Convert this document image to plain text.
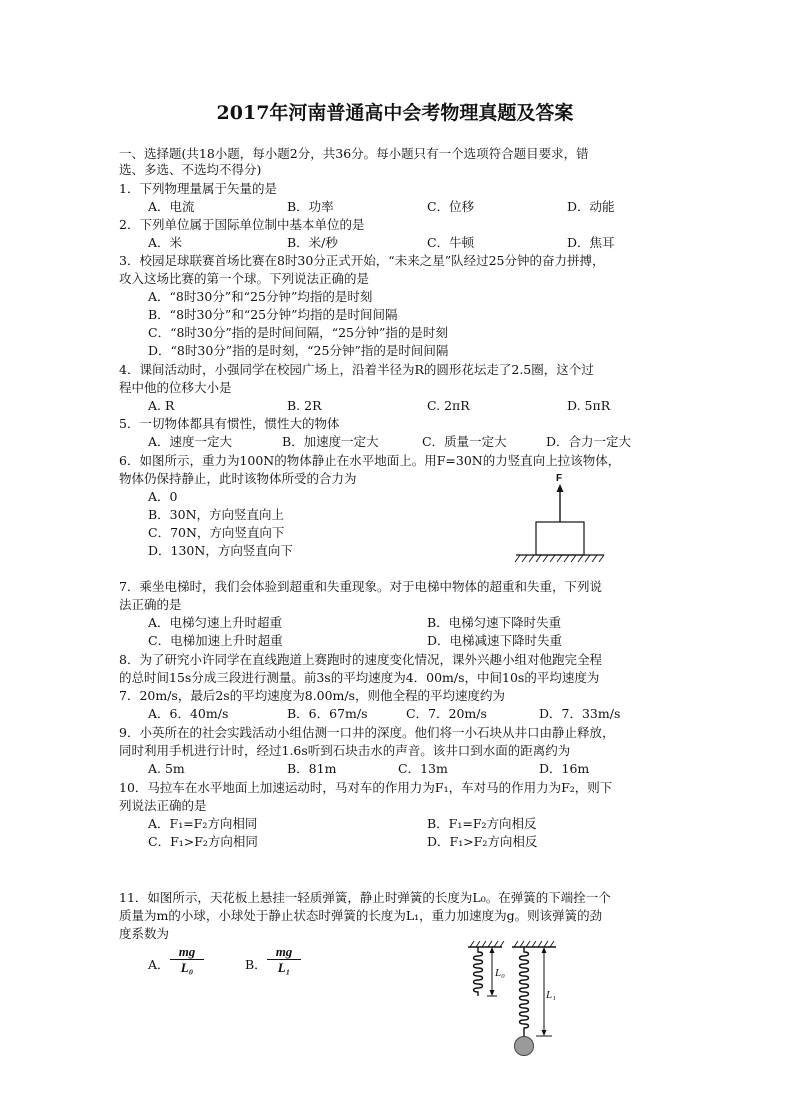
2017年河南普通高中会考物理真题及答案
一、选择题(共18小题，每小题2分，共36分。每小题只有一个选项符合题目要求，错
选、多选、不选均不得分)
1．下列物理量属于矢量的是
A．电流	B．功率	C．位移	D．动能
2．下列单位属于国际单位制中基本单位的是
A．米	B．米/秒	C．牛顿	D．焦耳
3．校园足球联赛首场比赛在8时30分正式开始，“未来之星”队经过25分钟的奋力拼搏，
攻入这场比赛的第一个球。下列说法正确的是
A．“8时30分”和“25分钟”均指的是时刻
B．“8时30分”和“25分钟”均指的是时间间隔
C．“8时30分”指的是时间间隔，“25分钟”指的是时刻
D．“8时30分”指的是时刻，“25分钟”指的是时间间隔
4．课间活动时，小强同学在校园广场上，沿着半径为R的圆形花坛走了2.5圈，这个过
程中他的位移大小是
A. R	B. 2R	C. 2πR	D. 5πR
5．一切物体都具有惯性，惯性大的物体
A．速度一定大	B．加速度一定大	C．质量一定大	D．合力一定大
6．如图所示，重力为100N的物体静止在水平地面上。用F=30N的力竖直向上拉该物体，
物体仍保持静止，此时该物体所受的合力为
A．0
B．30N，方向竖直向上
C．70N，方向竖直向下
D．130N，方向竖直向下
F
7．乘坐电梯时，我们会体验到超重和失重现象。对于电梯中物体的超重和失重，下列说
法正确的是
A．电梯匀速上升时超重	B．电梯匀速下降时失重
C．电梯加速上升时超重	D．电梯减速下降时失重
8．为了研究小许同学在直线跑道上赛跑时的速度变化情况，课外兴趣小组对他跑完全程
的总时间15s分成三段进行测量。前3s的平均速度为4．00m/s，中间10s的平均速度为
7．20m/s，最后2s的平均速度为8.00m/s，则他全程的平均速度约为
A．6．40m/s	B．6．67m/s	C．7．20m/s	D．7．33m/s
9．小英所在的社会实践活动小组估测一口井的深度。他们将一小石块从井口由静止释放，
同时利用手机进行计时，经过1.6s听到石块击水的声音。该井口到水面的距离约为
A. 5m	B．81m	C．13m	D．16m
10．马拉车在水平地面上加速运动时，马对车的作用力为F₁，车对马的作用力为F₂，则下
列说法正确的是
A．F₁=F₂方向相同	B．F₁=F₂方向相反
C．F₁>F₂方向相同	D．F₁>F₂方向相反
11．如图所示，天花板上悬挂一轻质弹簧，静止时弹簧的长度为L₀。在弹簧的下端拴一个
质量为m的小球，小球处于静止状态时弹簧的长度为L₁，重力加速度为g。则该弹簧的劲
度系数为
A． $\frac{mg}{\text{L₀}}$	B． $\frac{mg}{\text{L₁}}$	L₀
L₁
